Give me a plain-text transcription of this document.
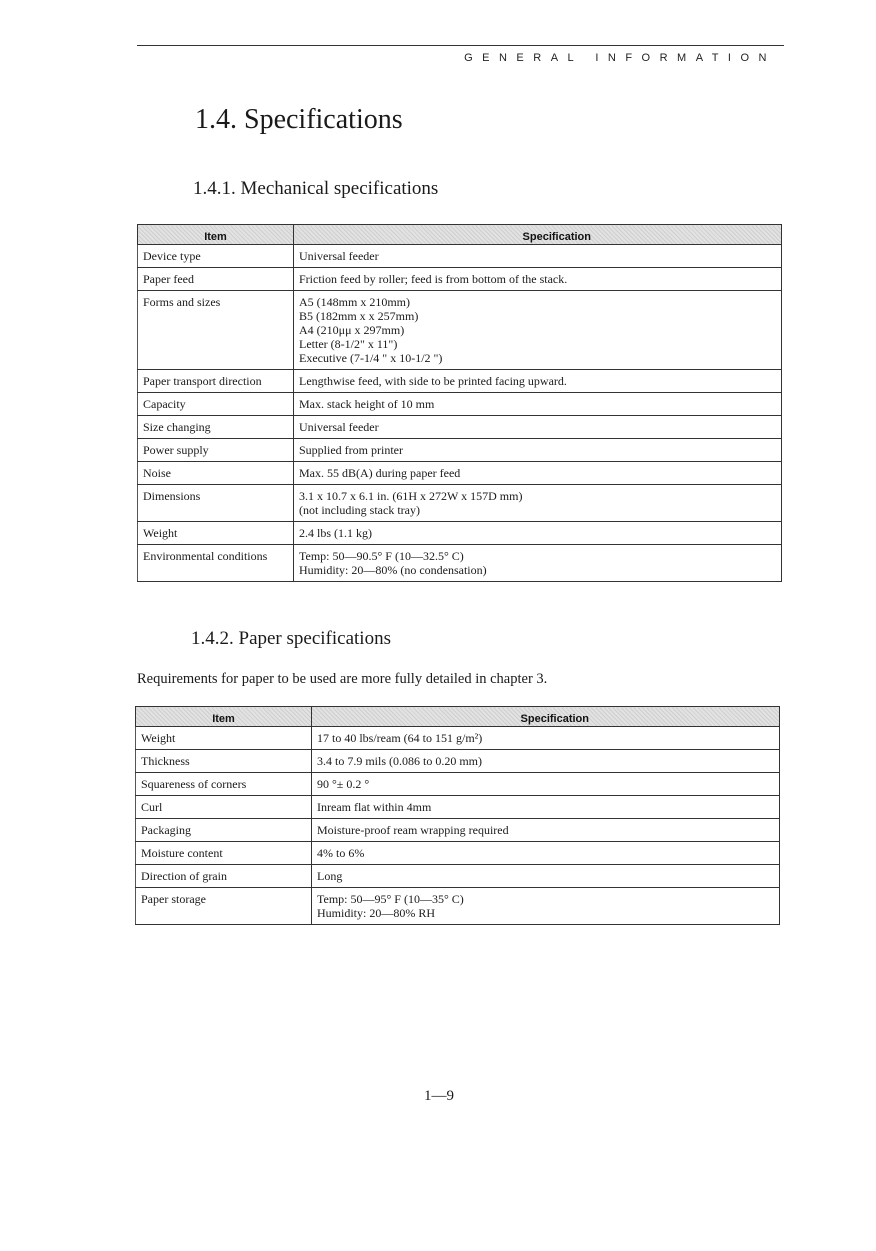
GENERAL INFORMATION
1.4. Specifications
1.4.1. Mechanical specifications
Item	Specification
Device type	Universal feeder

Paper feed	Friction feed by roller; feed is from bottom of the stack.

Forms and sizes	A5 (148mm x 210mm)
B5 (182mm x x 257mm)
A4 (210μμ x 297mm)
Letter (8-1/2" x 11")
Executive (7-1/4 " x 10-1/2 ")

Paper transport direction	Lengthwise feed, with side to be printed facing upward.

Capacity	Max. stack height of 10 mm

Size changing	Universal feeder

Power supply	Supplied from printer

Noise	Max. 55 dB(A) during paper feed

Dimensions	3.1 x 10.7 x 6.1 in. (61H x 272W x 157D mm)
(not including stack tray)

Weight	2.4 lbs (1.1 kg)

Environmental conditions	Temp: 50—90.5° F (10—32.5° C)
Humidity: 20—80% (no condensation)
1.4.2. Paper specifications

Requirements for paper to be used are more fully detailed in chapter 3.

Item	Specification
Weight	17 to 40 lbs/ream (64 to 151 g/m²)

Thickness	3.4 to 7.9 mils (0.086 to 0.20 mm)

Squareness of corners	90 °± 0.2 °

Curl	Inream flat within 4mm

Packaging	Moisture-proof ream wrapping required

Moisture content	4% to 6%

Direction of grain	Long

Paper storage	Temp: 50—95° F (10—35° C)
Humidity: 20—80% RH
1—9
